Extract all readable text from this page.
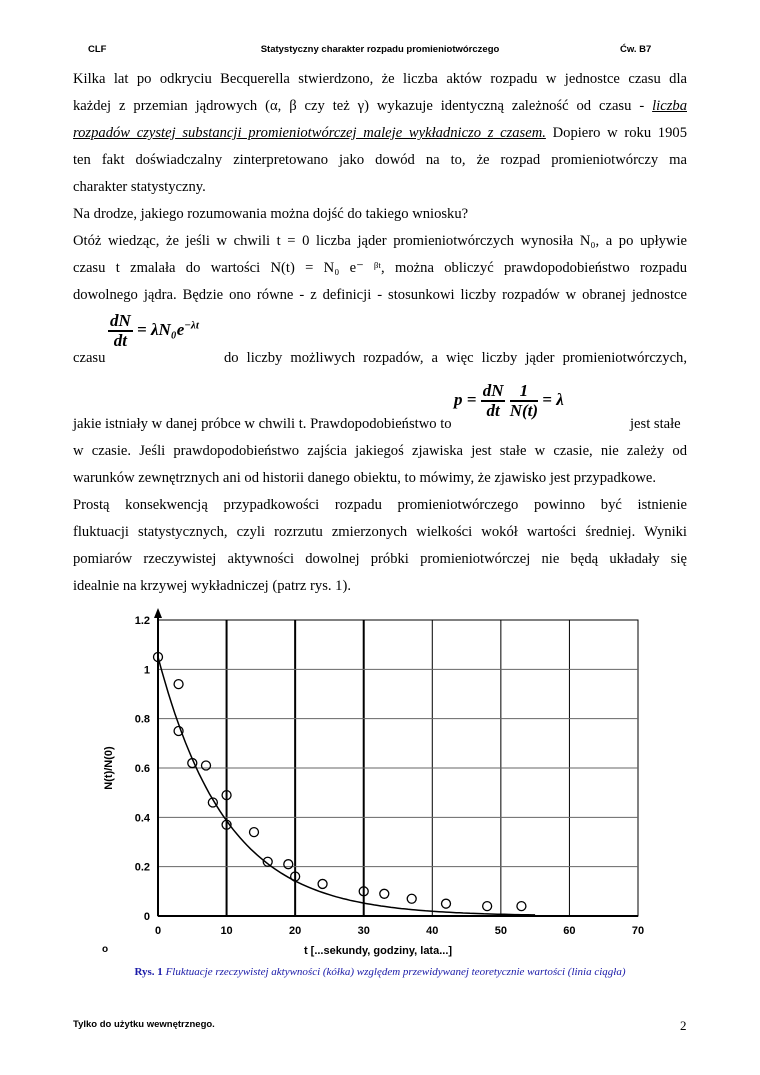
CLF	Statystyczny charakter rozpadu promieniotwórczego	Ćw. B7
Kilka lat po odkryciu Becquerella stwierdzono, że liczba aktów rozpadu w jednostce czasu dla
każdej z przemian jądrowych (α, β czy też γ) wykazuje identyczną zależność od czasu - liczba
rozpadów czystej substancji promieniotwórczej maleje wykładniczo z czasem. Dopiero w roku 1905
ten fakt doświadczalny zinterpretowano jako dowód na to, że rozpad promieniotwórczy ma
charakter statystyczny.
Na drodze, jakiego rozumowania można dojść do takiego wniosku?
Otóż wiedząc, że jeśli w chwili t = 0 liczba jąder promieniotwórczych wynosiła N₀, a po upływie
czasu t zmalała do wartości N(t) = N₀ e⁻ ᵝᵗ, można obliczyć prawdopodobieństwo rozpadu
dowolnego jądra. Będzie ono równe - z definicji - stosunkowi liczby rozpadów w obranej jednostce
czasu
$\frac{dN}{dt} = \lambda N_0e^{-\lambda t}$
do liczby możliwych rozpadów, a więc liczby jąder promieniotwórczych,
jakie istniały w danej próbce w chwili t. Prawdopodobieństwo to
$p = \frac{dN}{dt}$
$\frac{1}{N(t)} = \lambda$
jest stałe
w czasie. Jeśli prawdopodobieństwo zajścia jakiegoś zjawiska jest stałe w czasie, nie zależy od
warunków zewnętrznych ani od historii danego obiektu, to mówimy, że zjawisko jest przypadkowe.
Prostą konsekwencją przypadkowości rozpadu promieniotwórczego powinno być istnienie
fluktuacji statystycznych, czyli rozrzutu zmierzonych wielkości wokół wartości średniej. Wyniki
pomiarów rzeczywistej aktywności dowolnej próbki promieniotwórczej nie będą układały się
idealnie na krzywej wykładniczej (patrz rys. 1).
0	10	20	30	40	50	60	70
0
0.2
0.4
0.6
0.8
1
1.2
t [...sekundy, godziny, lata...]
N(t)/N(0)
o
Rys. 1 Fluktuacje rzeczywistej aktywności (kółka) względem przewidywanej teoretycznie wartości (linia ciągła)
Tylko do użytku wewnętrznego.	2
